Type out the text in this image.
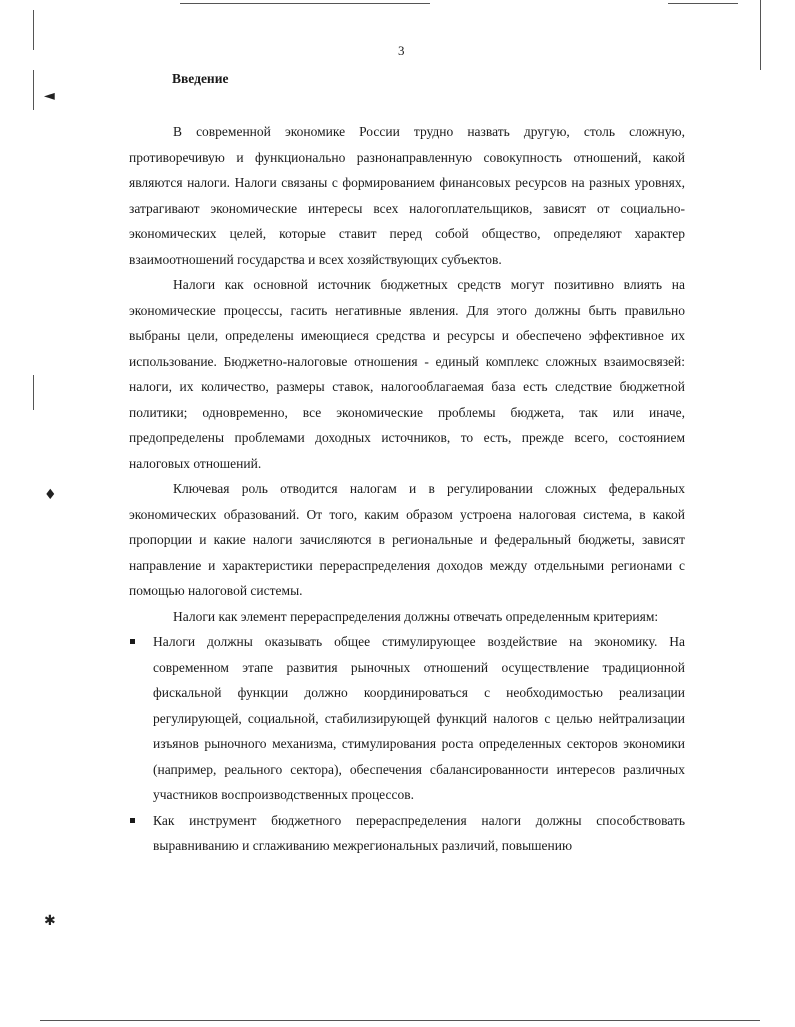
◄
♦
✱
3
Введение

В современной экономике России трудно назвать другую, столь сложную, противоречивую и функционально разнонаправленную совокупность отношений, какой являются налоги. Налоги связаны с формированием финансовых ресурсов на разных уровнях, затрагивают экономические интересы всех налогоплательщиков, зависят от социально-экономических целей, которые ставит перед собой общество, определяют характер взаимоотношений государства и всех хозяйствующих субъектов.

Налоги как основной источник бюджетных средств могут позитивно влиять на экономические процессы, гасить негативные явления. Для этого должны быть правильно выбраны цели, определены имеющиеся средства и ресурсы и обеспечено эффективное их использование. Бюджетно-налоговые отношения - единый комплекс сложных взаимосвязей: налоги, их количество, размеры ставок, налогооблагаемая база есть следствие бюджетной политики; одновременно, все экономические проблемы бюджета, так или иначе, предопределены проблемами доходных источников, то есть, прежде всего, состоянием налоговых отношений.

Ключевая роль отводится налогам и в регулировании сложных федеральных экономических образований. От того, каким образом устроена налоговая система, в какой пропорции и какие налоги зачисляются в региональные и федеральный бюджеты, зависят направление и характеристики перераспределения доходов между отдельными регионами с помощью налоговой системы.

Налоги как элемент перераспределения должны отвечать определенным критериям:

Налоги должны оказывать общее стимулирующее воздействие на экономику. На современном этапе развития рыночных отношений осуществление традиционной фискальной функции должно координироваться с необходимостью реализации регулирующей, социальной, стабилизирующей функций налогов с целью нейтрализации изъянов рыночного механизма, стимулирования роста определенных секторов экономики (например, реального сектора), обеспечения сбалансированности интересов различных участников воспроизводственных процессов.
Как инструмент бюджетного перераспределения налоги должны способствовать выравниванию и сглаживанию межрегиональных различий, повышению
